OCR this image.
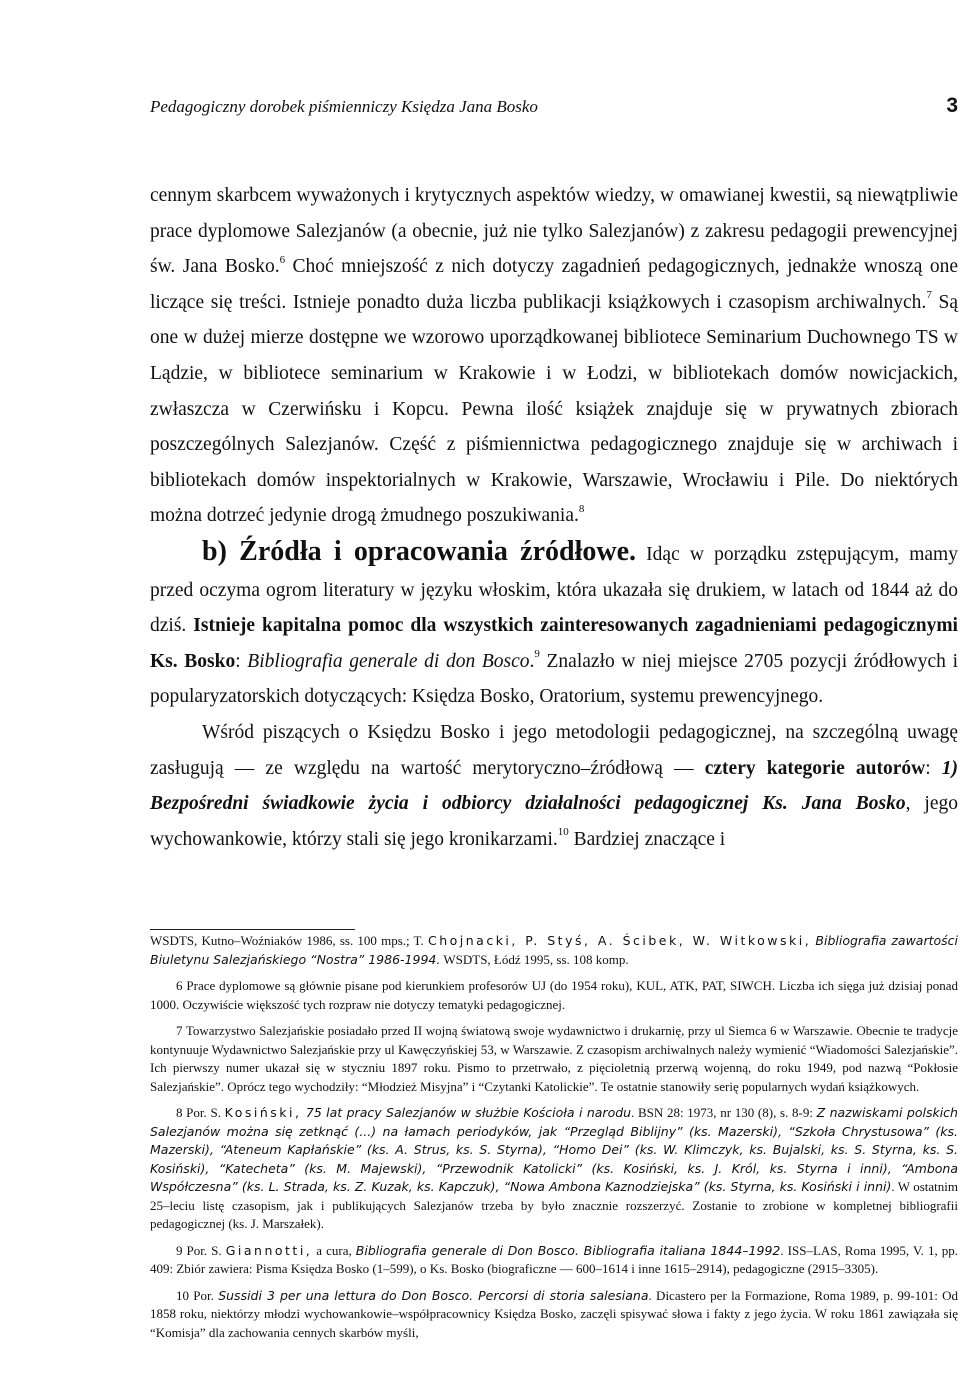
Pedagogiczny dorobek piśmienniczy Księdza Jana Bosko	3

cennym skarbcem wyważonych i krytycznych aspektów wiedzy, w omawianej kwestii, są niewątpliwie prace dyplomowe Salezjanów (a obecnie, już nie tylko Salezjanów) z zakresu pedagogii prewencyjnej św. Jana Bosko.$^6$ Choć mniejszość z nich dotyczy zagadnień pedagogicznych, jednakże wnoszą one liczące się treści. Istnieje ponadto duża liczba publikacji książkowych i czasopism archiwalnych.$^7$ Są one w dużej mierze dostępne we wzorowo uporządkowanej bibliotece Seminarium Duchownego TS w Lądzie, w bibliotece seminarium w Krakowie i w Łodzi, w bibliotekach domów nowicjackich, zwłaszcza w Czerwińsku i Kopcu. Pewna ilość książek znajduje się w prywatnych zbiorach poszczególnych Salezjanów. Część z piśmiennictwa pedagogicznego znajduje się w archiwach i bibliotekach domów inspektorialnych w Krakowie, Warszawie, Wrocławiu i Pile. Do niektórych można dotrzeć jedynie drogą żmudnego poszukiwania.$^8$

b) Źródła i opracowania źródłowe. Idąc w porządku zstępującym, mamy przed oczyma ogrom literatury w języku włoskim, która ukazała się drukiem, w latach od 1844 aż do dziś. Istnieje kapitalna pomoc dla wszystkich zainteresowanych zagadnieniami pedagogicznymi Ks. Bosko: Bibliografia generale di don Bosco.$^9$ Znalazło w niej miejsce 2705 pozycji źródłowych i popularyzatorskich dotyczących: Księdza Bosko, Oratorium, systemu prewencyjnego.

Wśród piszących o Księdzu Bosko i jego metodologii pedagogicznej, na szczególną uwagę zasługują — ze względu na wartość merytoryczno–źródłową — cztery kategorie autorów: 1) Bezpośredni świadkowie życia i odbiorcy działalności pedagogicznej Ks. Jana Bosko, jego wychowankowie, którzy stali się jego kronikarzami.$^{10}$ Bardziej znaczące i

WSDTS, Kutno–Woźniaków 1986, ss. 100 mps.; T. Chojnacki, P. Styś, A. Ścibek, W. Witkowski, Bibliografia zawartości Biuletynu Salezjańskiego “Nostra” 1986-1994. WSDTS, Łódź 1995, ss. 108 komp.

6 Prace dyplomowe są głównie pisane pod kierunkiem profesorów UJ (do 1954 roku), KUL, ATK, PAT, SIWCH. Liczba ich sięga już dzisiaj ponad 1000. Oczywiście większość tych rozpraw nie dotyczy tematyki pedagogicznej.

7 Towarzystwo Salezjańskie posiadało przed II wojną światową swoje wydawnictwo i drukarnię, przy ul Siemca 6 w Warszawie. Obecnie te tradycje kontynuuje Wydawnictwo Salezjańskie przy ul Kawęczyńskiej 53, w Warszawie. Z czasopism archiwalnych należy wymienić “Wiadomości Salezjańskie”. Ich pierwszy numer ukazał się w styczniu 1897 roku. Pismo to przetrwało, z pięcioletnią przerwą wojenną, do roku 1949, pod nazwą “Pokłosie Salezjańskie”. Oprócz tego wychodziły: “Młodzież Misyjna” i “Czytanki Katolickie”. Te ostatnie stanowiły serię popularnych wydań książkowych.

8 Por. S. Kosiński, 75 lat pracy Salezjanów w służbie Kościoła i narodu. BSN 28: 1973, nr 130 (8), s. 8-9: Z nazwiskami polskich Salezjanów można się zetknąć (...) na łamach periodyków, jak “Przegląd Biblijny” (ks. Mazerski), “Szkoła Chrystusowa” (ks. Mazerski), “Ateneum Kapłańskie” (ks. A. Strus, ks. S. Styrna), “Homo Dei” (ks. W. Klimczyk, ks. Bujalski, ks. S. Styrna, ks. S. Kosiński), “Katecheta” (ks. M. Majewski), “Przewodnik Katolicki” (ks. Kosiński, ks. J. Król, ks. Styrna i inni), “Ambona Współczesna” (ks. L. Strada, ks. Z. Kuzak, ks. Kapczuk), “Nowa Ambona Kaznodziejska” (ks. Styrna, ks. Kosiński i inni). W ostatnim 25–leciu listę czasopism, jak i publikujących Salezjanów trzeba by było znacznie rozszerzyć. Zostanie to zrobione w kompletnej bibliografii pedagogicznej (ks. J. Marszałek).

9 Por. S. Giannotti, a cura, Bibliografia generale di Don Bosco. Bibliografia italiana 1844–1992. ISS–LAS, Roma 1995, V. 1, pp. 409: Zbiór zawiera: Pisma Księdza Bosko (1–599), o Ks. Bosko (biograficzne — 600–1614 i inne 1615–2914), pedagogiczne (2915–3305).

10 Por. Sussidi 3 per una lettura do Don Bosco. Percorsi di storia salesiana. Dicastero per la Formazione, Roma 1989, p. 99-101: Od 1858 roku, niektórzy młodzi wychowankowie–współpracownicy Księdza Bosko, zaczęli spisywać słowa i fakty z jego życia. W roku 1861 zawiązała się “Komisja” dla zachowania cennych skarbów myśli,
